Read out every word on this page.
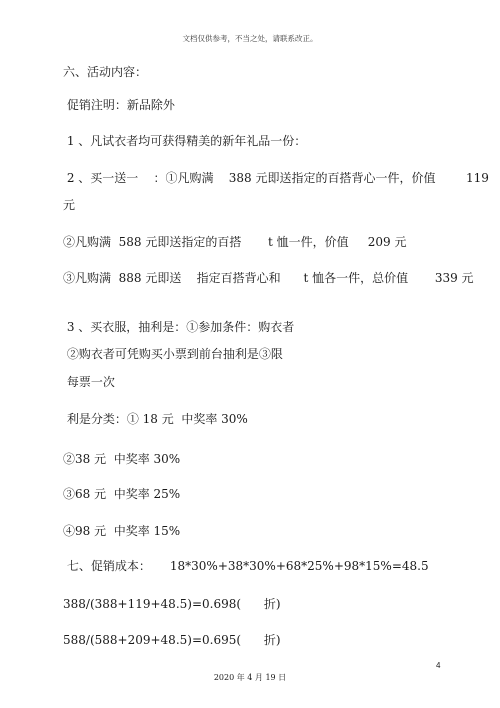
文档仅供参考，不当之处，请联系改正。
六、活动内容：
促销注明：新品除外
1 、凡试衣者均可获得精美的新年礼品一份：
2 、买一送一    ：①凡购满    388 元即送指定的百搭背心一件，价值        119
元
②凡购满  588 元即送指定的百搭       t 恤一件，价值     209 元
③凡购满  888 元即送    指定百搭背心和      t 恤各一件，总价值       339 元
3 、买衣服，抽利是：①参加条件：购衣者
②购衣者可凭购买小票到前台抽利是③限
每票一次
利是分类：① 18 元  中奖率 30%
②38 元  中奖率 30%
③68 元  中奖率 25%
④98 元  中奖率 15%
七、促销成本：     18*30%+38*30%+68*25%+98*15%=48.5
388/(388+119+48.5)=0.698(      折)
588/(588+209+48.5)=0.695(      折)
4
2020 年 4 月 19 日
